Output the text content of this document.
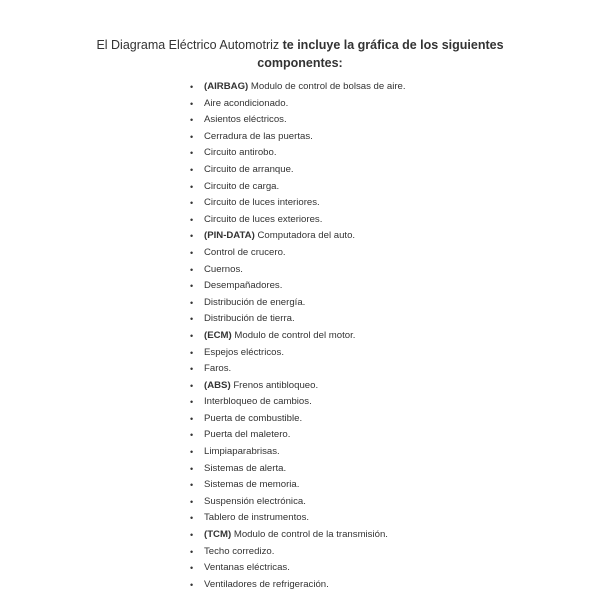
El Diagrama Eléctrico Automotriz te incluye la gráfica de los siguientes
componentes:
•	(AIRBAG) Modulo de control de bolsas de aire.
•	Aire acondicionado.
•	Asientos eléctricos.
•	Cerradura de las puertas.
•	Circuito antirobo.
•	Circuito de arranque.
•	Circuito de carga.
•	Circuito de luces interiores.
•	Circuito de luces exteriores.
•	(PIN-DATA) Computadora del auto.
•	Control de crucero.
•	Cuernos.
•	Desempañadores.
•	Distribución de energía.
•	Distribución de tierra.
•	(ECM) Modulo de control del motor.
•	Espejos eléctricos.
•	Faros.
•	(ABS) Frenos antibloqueo.
•	Interbloqueo de cambios.
•	Puerta de combustible.
•	Puerta del maletero.
•	Limpiaparabrisas.
•	Sistemas de alerta.
•	Sistemas de memoria.
•	Suspensión electrónica.
•	Tablero de instrumentos.
•	(TCM) Modulo de control de la transmisión.
•	Techo corredizo.
•	Ventanas eléctricas.
•	Ventiladores de refrigeración.
